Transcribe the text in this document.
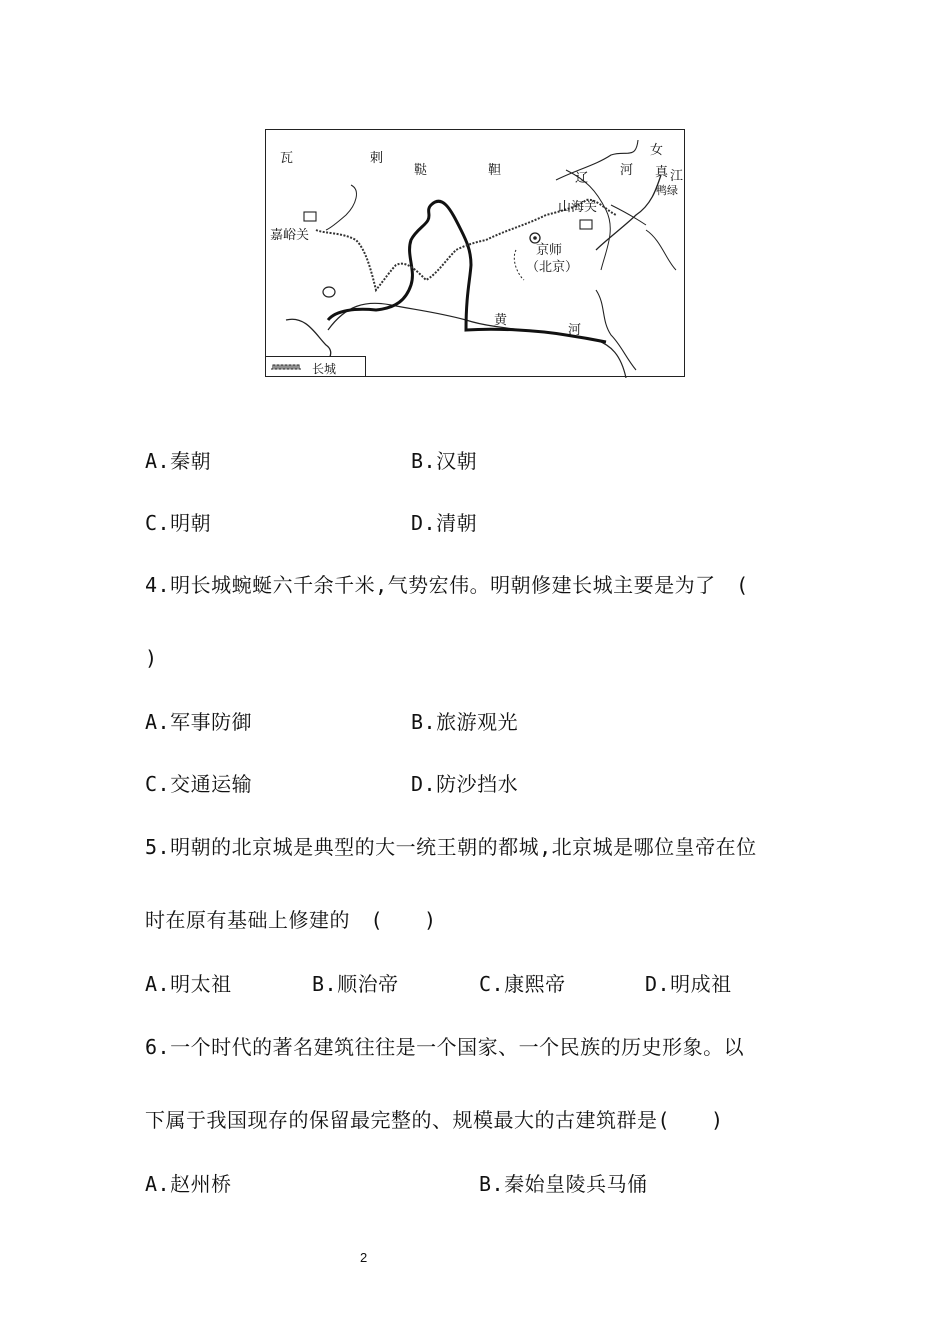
瓦	剌
鞑	靼
辽
河
女
真 江
鸭绿
嘉峪关
山海关
京师
（北京）
黄
河
长城
A.秦朝	B.汉朝
C.明朝	D.清朝
4.明长城蜿蜒六千余千米,气势宏伟。明朝修建长城主要是为了　(
)
A.军事防御	B.旅游观光
C.交通运输	D.防沙挡水
5.明朝的北京城是典型的大一统王朝的都城,北京城是哪位皇帝在位
时在原有基础上修建的　(　　)
A.明太祖	B.顺治帝	C.康熙帝	D.明成祖
6.一个时代的著名建筑往往是一个国家、一个民族的历史形象。以
下属于我国现存的保留最完整的、规模最大的古建筑群是(　　)
A.赵州桥	B.秦始皇陵兵马俑
2
